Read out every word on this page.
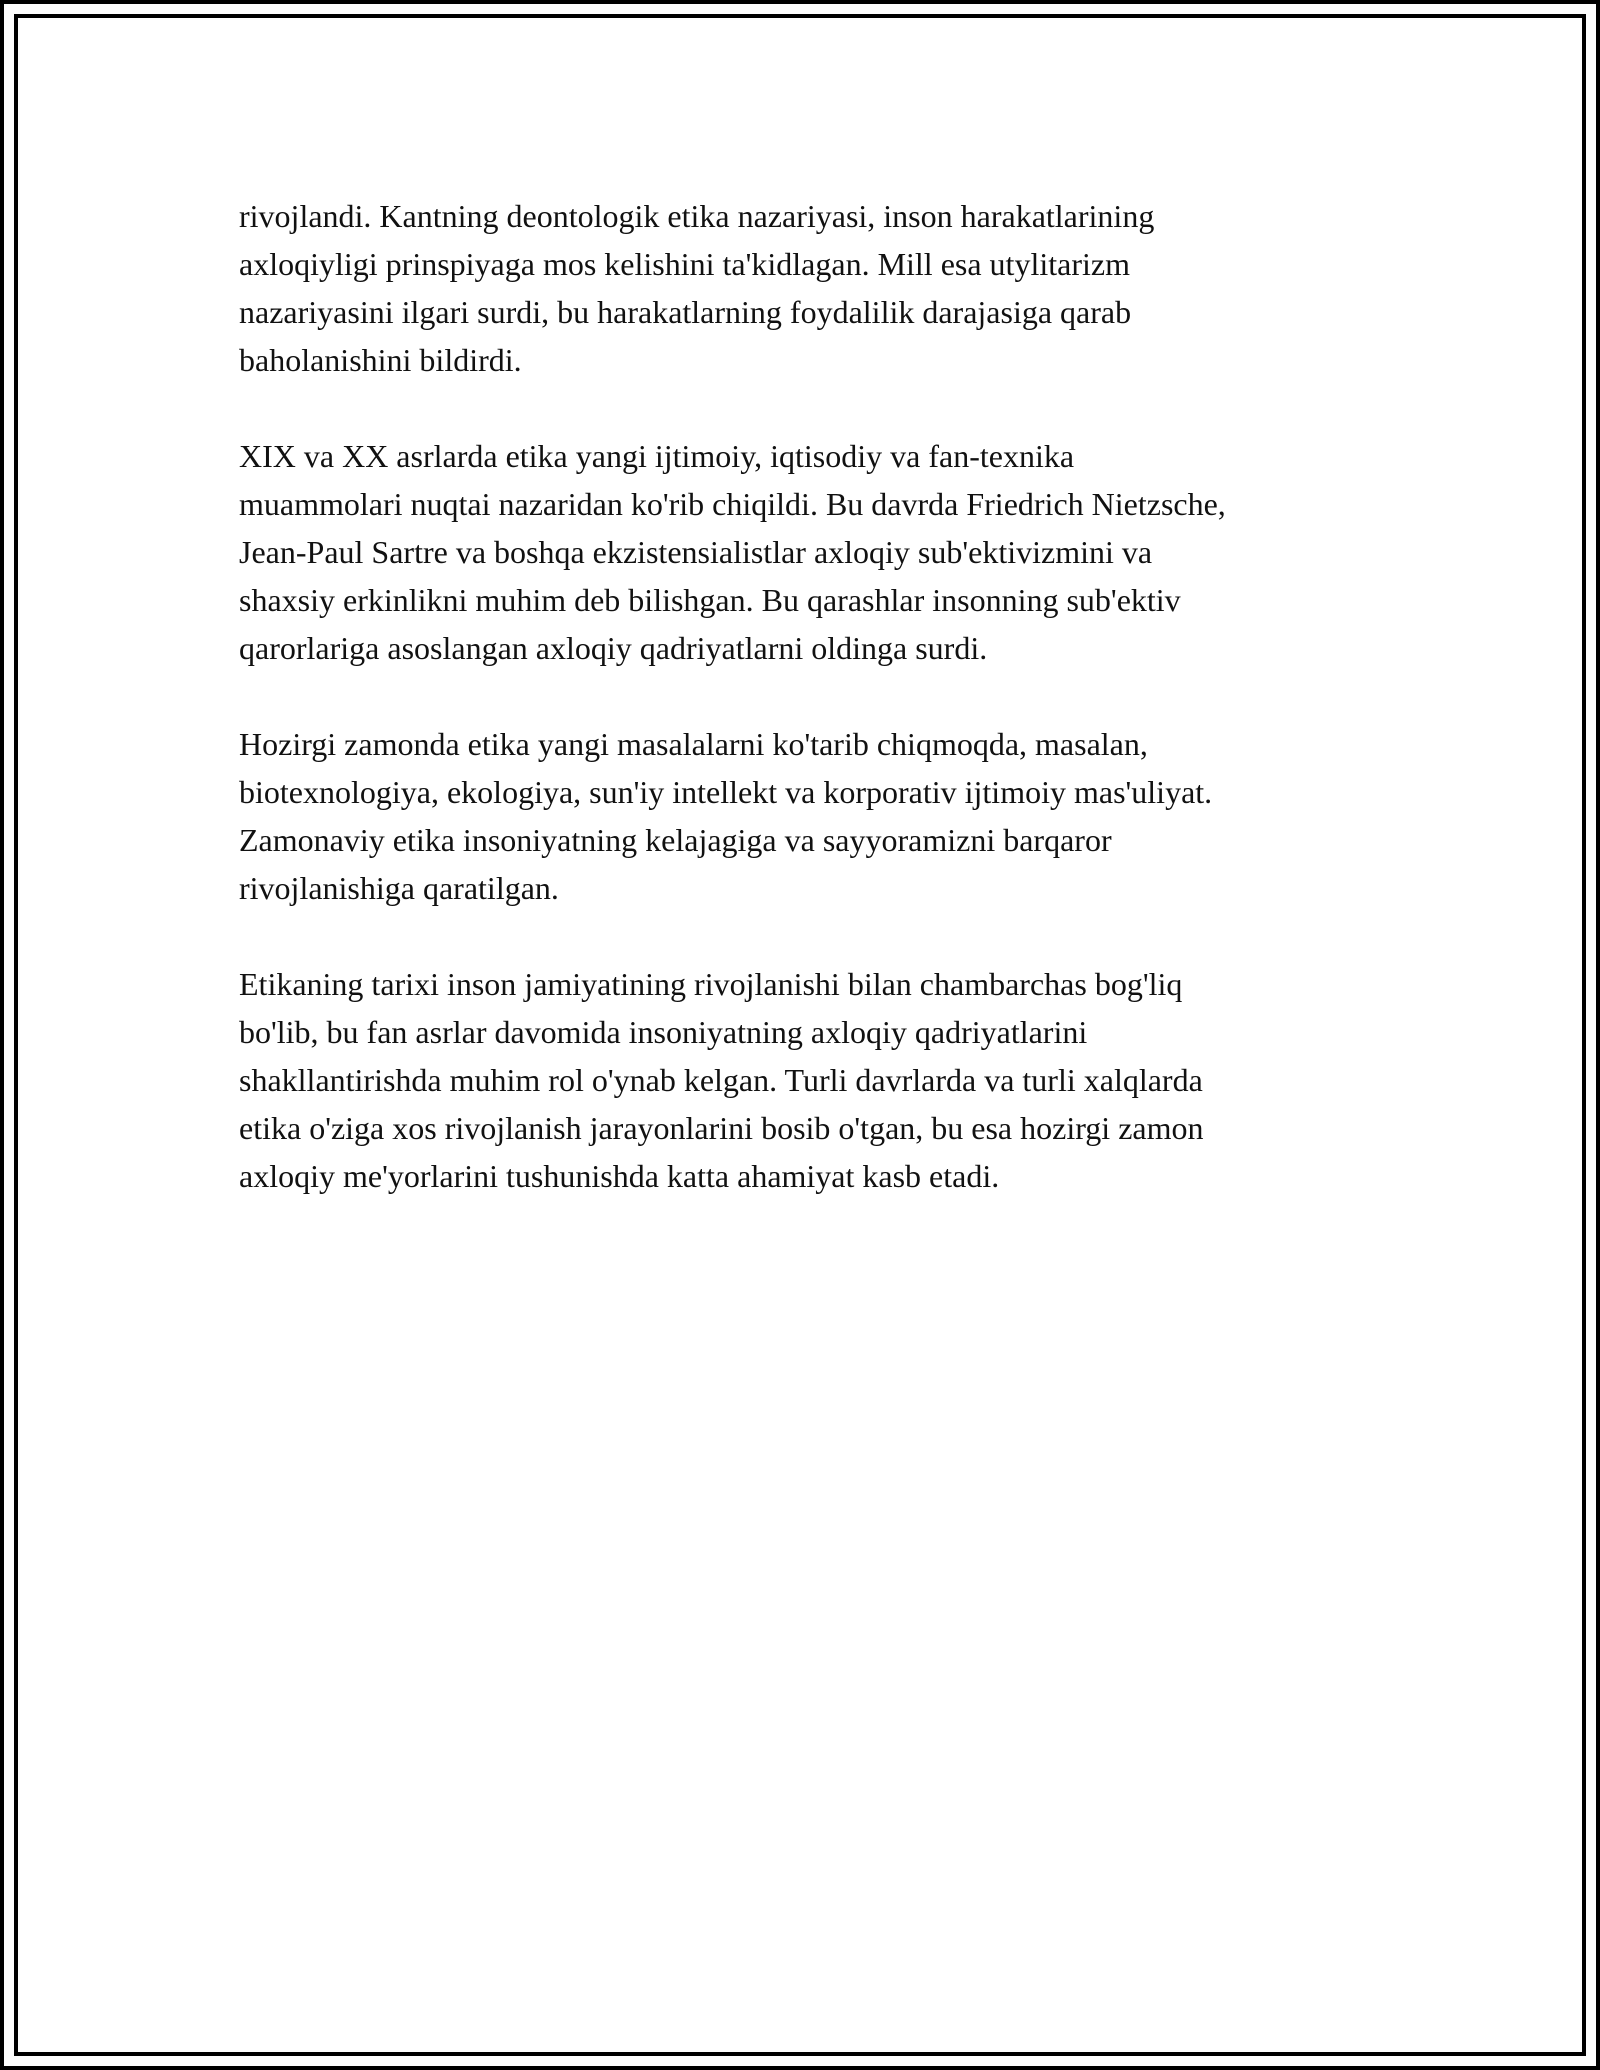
rivojlandi. Kantning deontologik etika nazariyasi, inson harakatlarining
axloqiyligi prinspiyaga mos kelishini ta'kidlagan. Mill esa utylitarizm
nazariyasini ilgari surdi, bu harakatlarning foydalilik darajasiga qarab
baholanishini bildirdi.

XIX va XX asrlarda etika yangi ijtimoiy, iqtisodiy va fan-texnika
muammolari nuqtai nazaridan ko'rib chiqildi. Bu davrda Friedrich Nietzsche,
Jean-Paul Sartre va boshqa ekzistensialistlar axloqiy sub'ektivizmini va
shaxsiy erkinlikni muhim deb bilishgan. Bu qarashlar insonning sub'ektiv
qarorlariga asoslangan axloqiy qadriyatlarni oldinga surdi.

Hozirgi zamonda etika yangi masalalarni ko'tarib chiqmoqda, masalan,
biotexnologiya, ekologiya, sun'iy intellekt va korporativ ijtimoiy mas'uliyat.
Zamonaviy etika insoniyatning kelajagiga va sayyoramizni barqaror
rivojlanishiga qaratilgan.

Etikaning tarixi inson jamiyatining rivojlanishi bilan chambarchas bog'liq
bo'lib, bu fan asrlar davomida insoniyatning axloqiy qadriyatlarini
shakllantirishda muhim rol o'ynab kelgan. Turli davrlarda va turli xalqlarda
etika o'ziga xos rivojlanish jarayonlarini bosib o'tgan, bu esa hozirgi zamon
axloqiy me'yorlarini tushunishda katta ahamiyat kasb etadi.
